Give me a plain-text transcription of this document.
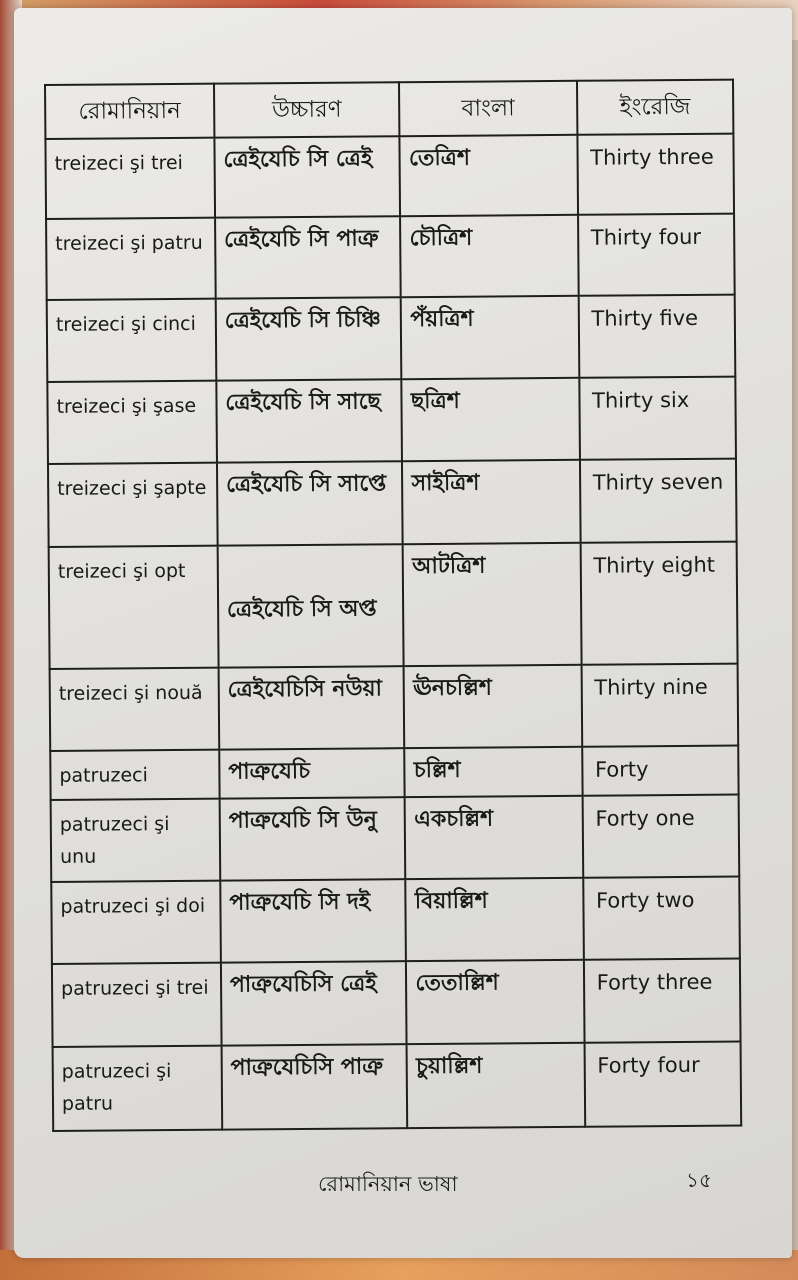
রোমানিয়ান	উচ্চারণ	বাংলা	ইংরেজি
treizeci şi trei	ত্রেইযেচি সি ত্রেই	তেত্রিশ	Thirty three
treizeci şi patru	ত্রেইযেচি সি পাত্রু	চৌত্রিশ	Thirty four
treizeci şi cinci	ত্রেইযেচি সি চিঞ্চি	পঁয়ত্রিশ	Thirty five
treizeci şi şase	ত্রেইযেচি সি সাছে	ছত্রিশ	Thirty six
treizeci şi şapte	ত্রেইযেচি সি সাপ্তে	সাইত্রিশ	Thirty seven
treizeci şi opt	ত্রেইযেচি সি অপ্ত	আটত্রিশ	Thirty eight
treizeci şi nouă	ত্রেইযেচিসি নউয়া	ঊনচল্লিশ	Thirty nine
patruzeci	পাত্রুযেচি	চল্লিশ	Forty
patruzeci şi unu	পাত্রুযেচি সি উনু	একচল্লিশ	Forty one
patruzeci şi doi	পাত্রুযেচি সি দই	বিয়াল্লিশ	Forty two
patruzeci şi trei	পাত্রুযেচিসি ত্রেই	তেতাল্লিশ	Forty three
patruzeci şi patru	পাত্রুযেচিসি পাত্রু	চুয়াল্লিশ	Forty four
রোমানিয়ান ভাষা	১৫
